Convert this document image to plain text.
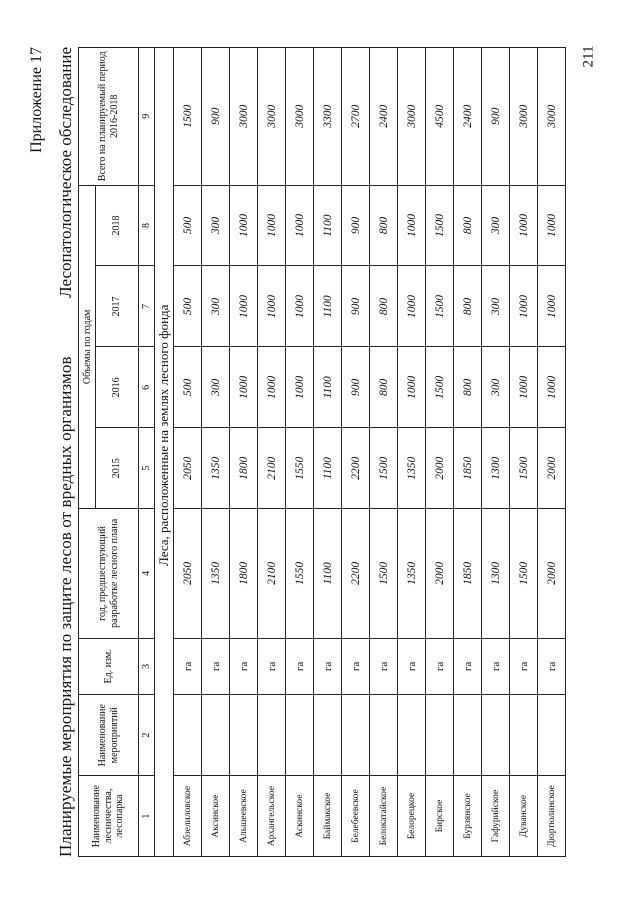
211
Приложение 17
Планируемые мероприятия по защите лесов от вредных организмов
Лесопатологическое обследование
Наименование лесничества, лесопарка	Наименование мероприятий	Ед. изм.	год, предшествующий разработке лесного плана	Объемы по годам				Всего на планируемый период 2016-2018
				2015	2016	2017	2018	
1	2	3	4	5	6	7	8	9
Леса, расположенные на землях лесного фонда								
Абзелиловское		га	2050	2050	500	500	500	1500
Аксинское		га	1350	1350	300	300	300	900
Альшеевское		га	1800	1800	1000	1000	1000	3000
Архангельское		га	2100	2100	1000	1000	1000	3000
Аскинское		га	1550	1550	1000	1000	1000	3000
Баймакское		га	1100	1100	1100	1100	1100	3300
Белебеевское		га	2200	2200	900	900	900	2700
Белокатайское		га	1500	1500	800	800	800	2400
Белорецкое		га	1350	1350	1000	1000	1000	3000
Бирское		га	2000	2000	1500	1500	1500	4500
Бурзянское		га	1850	1850	800	800	800	2400
Гафурийское		га	1300	1300	300	300	300	900
Дуванское		га	1500	1500	1000	1000	1000	3000
Дюртюлинское		га	2000	2000	1000	1000	1000	3000
